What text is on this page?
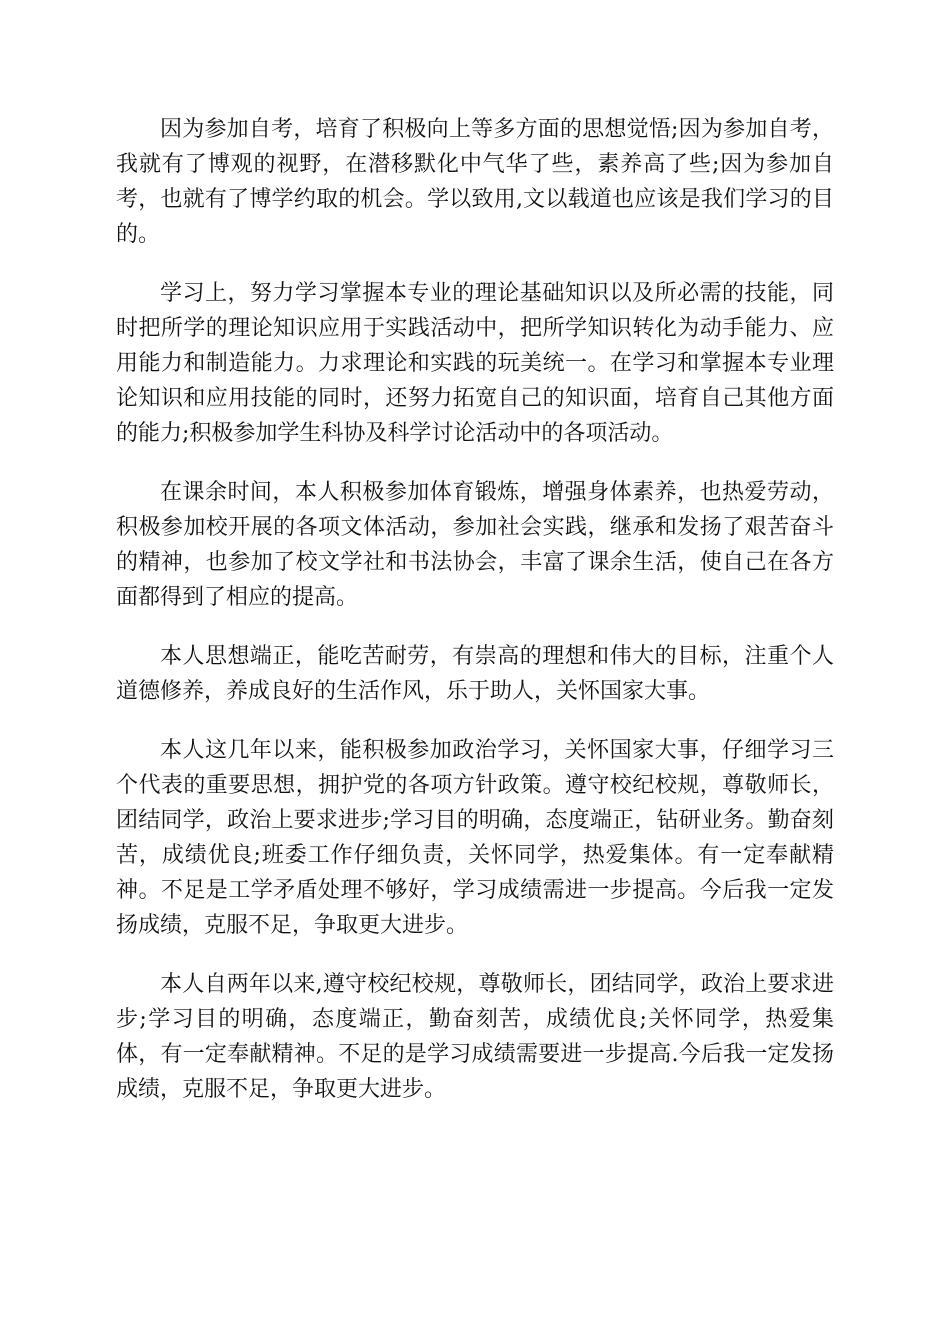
因为参加自考，培育了积极向上等多方面的思想觉悟;因为参加自考，我就有了博观的视野，在潜移默化中气华了些，素养高了些;因为参加自考，也就有了博学约取的机会。学以致用,文以载道也应该是我们学习的目的。

学习上，努力学习掌握本专业的理论基础知识以及所必需的技能，同时把所学的理论知识应用于实践活动中，把所学知识转化为动手能力、应用能力和制造能力。力求理论和实践的玩美统一。在学习和掌握本专业理论知识和应用技能的同时，还努力拓宽自己的知识面，培育自己其他方面的能力;积极参加学生科协及科学讨论活动中的各项活动。

在课余时间，本人积极参加体育锻炼，增强身体素养，也热爱劳动，积极参加校开展的各项文体活动，参加社会实践，继承和发扬了艰苦奋斗的精神，也参加了校文学社和书法协会，丰富了课余生活，使自己在各方面都得到了相应的提高。

本人思想端正，能吃苦耐劳，有崇高的理想和伟大的目标，注重个人道德修养，养成良好的生活作风，乐于助人，关怀国家大事。

本人这几年以来，能积极参加政治学习，关怀国家大事，仔细学习三个代表的重要思想，拥护党的各项方针政策。遵守校纪校规，尊敬师长，团结同学，政治上要求进步;学习目的明确，态度端正，钻研业务。勤奋刻苦，成绩优良;班委工作仔细负责，关怀同学，热爱集体。有一定奉献精神。不足是工学矛盾处理不够好，学习成绩需进一步提高。今后我一定发扬成绩，克服不足，争取更大进步。

本人自两年以来,遵守校纪校规，尊敬师长，团结同学，政治上要求进步;学习目的明确，态度端正，勤奋刻苦，成绩优良;关怀同学，热爱集体，有一定奉献精神。不足的是学习成绩需要进一步提高.今后我一定发扬成绩，克服不足，争取更大进步。
